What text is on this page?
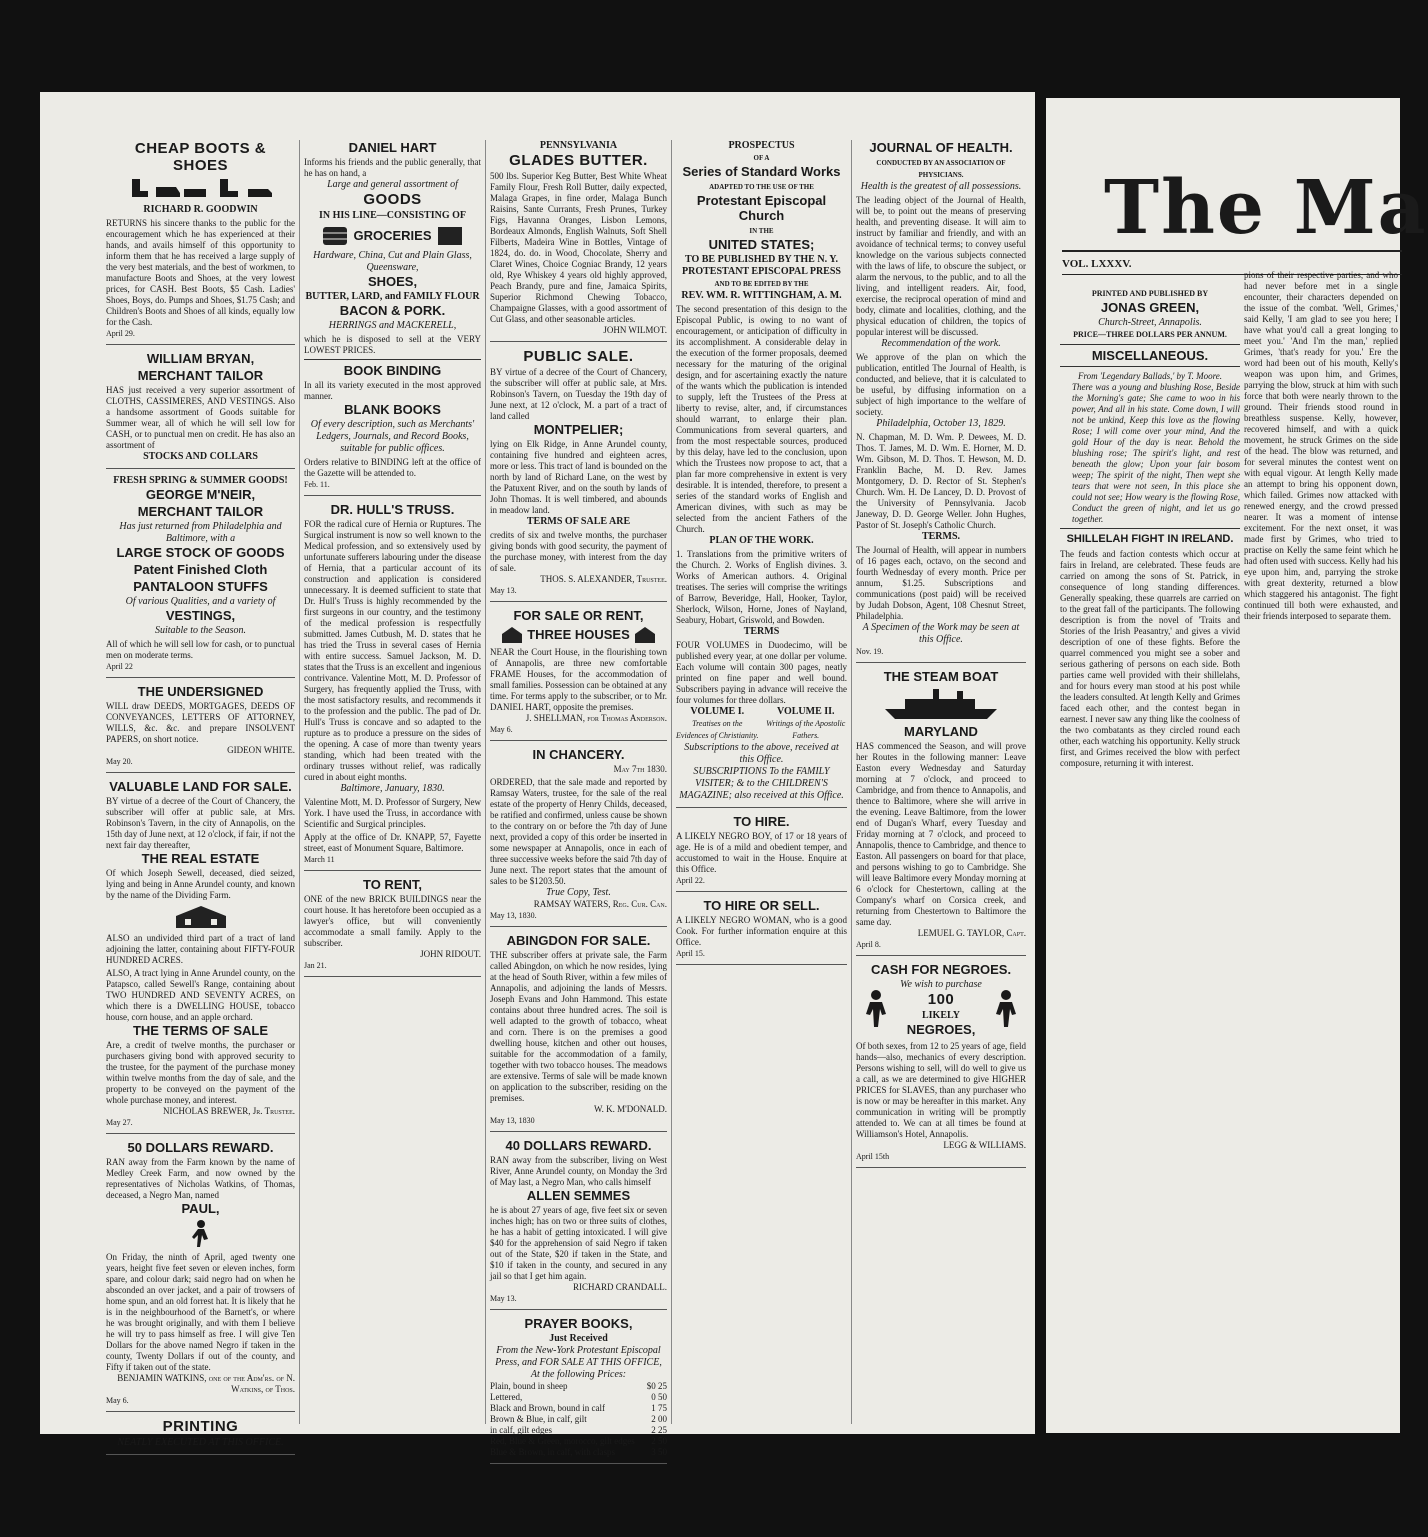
CHEAP BOOTS & SHOES
RICHARD R. GOODWIN
RETURNS his sincere thanks to the public for the encouragement which he has experienced at their hands, and avails himself of this opportunity to inform them that he has received a large supply of the very best materials, and the best of workmen, to manufacture Boots and Shoes, at the very lowest prices, for CASH. Best Boots, $5 Cash. Ladies' Shoes, Boys, do. Pumps and Shoes, $1.75 Cash; and Children's Boots and Shoes of all kinds, equally low for the Cash.
April 29.
WILLIAM BRYAN,
MERCHANT TAILOR
HAS just received a very superior assortment of CLOTHS, CASSIMERES, AND VESTINGS. Also a handsome assortment of Goods suitable for Summer wear, all of which he will sell low for CASH, or to punctual men on credit. He has also an assortment of
STOCKS AND COLLARS
FRESH SPRING & SUMMER GOODS!
GEORGE M'NEIR,
MERCHANT TAILOR
Has just returned from Philadelphia and Baltimore, with a
LARGE STOCK OF GOODS
Patent Finished Cloth
PANTALOON STUFFS
Of various Qualities, and a variety of
VESTINGS,
Suitable to the Season.
All of which he will sell low for cash, or to punctual men on moderate terms.
April 22
THE UNDERSIGNED
WILL draw DEEDS, MORTGAGES, DEEDS OF CONVEYANCES, LETTERS OF ATTORNEY, WILLS, &c. &c. and prepare INSOLVENT PAPERS, on short notice.
GIDEON WHITE.
May 20.
VALUABLE LAND FOR SALE.
BY virtue of a decree of the Court of Chancery, the subscriber will offer at public sale, at Mrs. Robinson's Tavern, in the city of Annapolis, on the 15th day of June next, at 12 o'clock, if fair, if not the next fair day thereafter,
THE REAL ESTATE
Of which Joseph Sewell, deceased, died seized, lying and being in Anne Arundel county, and known by the name of the Dividing Farm.
ALSO an undivided third part of a tract of land adjoining the latter, containing about FIFTY-FOUR HUNDRED ACRES.
ALSO, A tract lying in Anne Arundel county, on the Patapsco, called Sewell's Range, containing about TWO HUNDRED AND SEVENTY ACRES, on which there is a DWELLING HOUSE, tobacco house, corn house, and an apple orchard.
THE TERMS OF SALE
Are, a credit of twelve months, the purchaser or purchasers giving bond with approved security to the trustee, for the payment of the purchase money within twelve months from the day of sale, and the property to be conveyed on the payment of the whole purchase money, and interest.
NICHOLAS BREWER, Jr. Trustee.
May 27.
50 DOLLARS REWARD.
RAN away from the Farm known by the name of Medley Creek Farm, and now owned by the representatives of Nicholas Watkins, of Thomas, deceased, a Negro Man, named
PAUL,
On Friday, the ninth of April, aged twenty one years, height five feet seven or eleven inches, form spare, and colour dark; said negro had on when he absconded an over jacket, and a pair of trowsers of home spun, and an old forrest hat. It is likely that he is in the neighbourhood of the Barnett's, or where he was brought originally, and with them I believe he will try to pass himself as free. I will give Ten Dollars for the above named Negro if taken in the county, Twenty Dollars if out of the county, and Fifty if taken out of the state.
BENJAMIN WATKINS, one of the Adm'rs. of N. Watkins, of Thos.
May 6.
PRINTING
NEATLY EXECUTED AT THIS OFFICE.
DANIEL HART
Informs his friends and the public generally, that he has on hand, a
Large and general assortment of
GOODS
IN HIS LINE—CONSISTING OF
GROCERIES
Hardware, China, Cut and Plain Glass, Queensware,
SHOES,
BUTTER, LARD, and FAMILY FLOUR
BACON & PORK.
HERRINGS and MACKERELL,
which he is disposed to sell at the VERY LOWEST PRICES.
BOOK BINDING
In all its variety executed in the most approved manner.
BLANK BOOKS
Of every description, such as Merchants' Ledgers, Journals, and Record Books, suitable for public offices.
Orders relative to BINDING left at the office of the Gazette will be attended to.
Feb. 11.
DR. HULL'S TRUSS.
FOR the radical cure of Hernia or Ruptures. The Surgical instrument is now so well known to the Medical profession, and so extensively used by unfortunate sufferers labouring under the disease of Hernia, that a particular account of its construction and application is considered unnecessary. It is deemed sufficient to state that Dr. Hull's Truss is highly recommended by the first surgeons in our country, and the testimony of the medical profession is respectfully submitted. James Cutbush, M. D. states that he has tried the Truss in several cases of Hernia with entire success. Samuel Jackson, M. D. states that the Truss is an excellent and ingenious contrivance. Valentine Mott, M. D. Professor of Surgery, has frequently applied the Truss, with the most satisfactory results, and recommends it to the profession and the public. The pad of Dr. Hull's Truss is concave and so adapted to the rupture as to produce a pressure on the sides of the opening. A case of more than twenty years standing, which had been treated with the ordinary trusses without relief, was radically cured in about eight months.
Baltimore, January, 1830.
Valentine Mott, M. D. Professor of Surgery, New York. I have used the Truss, in accordance with Scientific and Surgical principles.
Apply at the office of Dr. KNAPP, 57, Fayette street, east of Monument Square, Baltimore.
March 11
TO RENT,
ONE of the new BRICK BUILDINGS near the court house. It has heretofore been occupied as a lawyer's office, but will conveniently accommodate a small family. Apply to the subscriber.
JOHN RIDOUT.
Jan 21.
PENNSYLVANIA
GLADES BUTTER.
500 lbs. Superior Keg Butter, Best White Wheat Family Flour, Fresh Roll Butter, daily expected, Malaga Grapes, in fine order, Malaga Bunch Raisins, Sante Currants, Fresh Prunes, Turkey Figs, Havanna Oranges, Lisbon Lemons, Bordeaux Almonds, English Walnuts, Soft Shell Filberts, Madeira Wine in Bottles, Vintage of 1824, do. do. in Wood, Chocolate, Sherry and Claret Wines, Choice Cogniac Brandy, 12 years old, Rye Whiskey 4 years old highly approved, Peach Brandy, pure and fine, Jamaica Spirits, Superior Richmond Chewing Tobacco, Champaigne Glasses, with a good assortment of Cut Glass, and other seasonable articles.
JOHN WILMOT.
PUBLIC SALE.
BY virtue of a decree of the Court of Chancery, the subscriber will offer at public sale, at Mrs. Robinson's Tavern, on Tuesday the 19th day of June next, at 12 o'clock, M. a part of a tract of land called
MONTPELIER;
lying on Elk Ridge, in Anne Arundel county, containing five hundred and eighteen acres, more or less. This tract of land is bounded on the north by land of Richard Lane, on the west by the Patuxent River, and on the south by lands of John Thomas. It is well timbered, and abounds in meadow land.
TERMS OF SALE ARE
credits of six and twelve months, the purchaser giving bonds with good security, the payment of the purchase money, with interest from the day of sale.
THOS. S. ALEXANDER, Trustee.
May 13.
FOR SALE OR RENT,
THREE HOUSES
NEAR the Court House, in the flourishing town of Annapolis, are three new comfortable FRAME Houses, for the accommodation of small families. Possession can be obtained at any time. For terms apply to the subscriber, or to Mr. DANIEL HART, opposite the premises.
J. SHELLMAN, for Thomas Anderson.
May 6.
IN CHANCERY.
May 7th 1830.
ORDERED, that the sale made and reported by Ramsay Waters, trustee, for the sale of the real estate of the property of Henry Childs, deceased, be ratified and confirmed, unless cause be shown to the contrary on or before the 7th day of June next, provided a copy of this order be inserted in some newspaper at Annapolis, once in each of three successive weeks before the said 7th day of June next. The report states that the amount of sales to be $1203.50.
True Copy, Test.
RAMSAY WATERS, Reg. Cur. Can.
May 13, 1830.
ABINGDON FOR SALE.
THE subscriber offers at private sale, the Farm called Abingdon, on which he now resides, lying at the head of South River, within a few miles of Annapolis, and adjoining the lands of Messrs. Joseph Evans and John Hammond. This estate contains about three hundred acres. The soil is well adapted to the growth of tobacco, wheat and corn. There is on the premises a good dwelling house, kitchen and other out houses, suitable for the accommodation of a family, together with two tobacco houses. The meadows are extensive. Terms of sale will be made known on application to the subscriber, residing on the premises.
W. K. M'DONALD.
May 13, 1830
40 DOLLARS REWARD.
RAN away from the subscriber, living on West River, Anne Arundel county, on Monday the 3rd of May last, a Negro Man, who calls himself
ALLEN SEMMES
he is about 27 years of age, five feet six or seven inches high; has on two or three suits of clothes, he has a habit of getting intoxicated. I will give $40 for the apprehension of said Negro if taken out of the State, $20 if taken in the State, and $10 if taken in the county, and secured in any jail so that I get him again.
RICHARD CRANDALL.
May 13.
PRAYER BOOKS,
Just Received
From the New-York Protestant Episcopal Press, and FOR SALE AT THIS OFFICE, At the following Prices:
Plain, bound in sheep	$0 25
Lettered,	0 50
Black and Brown, bound in calf	1 75
Brown & Blue, in calf, gilt	2 00
in calf, gilt edges	2 25
Red, Blue & Green, morocco, gilt edges 2 50
Blue & Brown, in calf, with clasps	3 50
PROSPECTUS
OF A
Series of Standard Works
ADAPTED TO THE USE OF THE
Protestant Episcopal Church
IN THE
UNITED STATES;
TO BE PUBLISHED BY THE N. Y. PROTESTANT EPISCOPAL PRESS
AND TO BE EDITED BY THE
REV. WM. R. WITTINGHAM, A. M.
The second presentation of this design to the Episcopal Public, is owing to no want of encouragement, or anticipation of difficulty in its accomplishment. A considerable delay in the execution of the former proposals, deemed necessary for the maturing of the original design, and for ascertaining exactly the nature of the wants which the publication is intended to supply, left the Trustees of the Press at liberty to revise, alter, and, if circumstances should warrant, to enlarge their plan. Communications from several quarters, and from the most respectable sources, produced by this delay, have led to the conclusion, upon which the Trustees now propose to act, that a plan far more comprehensive in extent is very desirable. It is intended, therefore, to present a series of the standard works of English and American divines, with such as may be selected from the ancient Fathers of the Church.
PLAN OF THE WORK.
1. Translations from the primitive writers of the Church. 2. Works of English divines. 3. Works of American authors. 4. Original treatises. The series will comprise the writings of Barrow, Beveridge, Hall, Hooker, Taylor, Sherlock, Wilson, Horne, Jones of Nayland, Seabury, Hobart, Griswold, and Bowden.
TERMS
FOUR VOLUMES in Duodecimo, will be published every year, at one dollar per volume. Each volume will contain 300 pages, neatly printed on fine paper and well bound. Subscribers paying in advance will receive the four volumes for three dollars.
VOLUME I.
Treatises on the Evidences of Christianity.
VOLUME II.
Writings of the Apostolic Fathers.
Subscriptions to the above, received at this Office.
SUBSCRIPTIONS To the FAMILY VISITER; & to the CHILDREN'S MAGAZINE; also received at this Office.
TO HIRE.
A LIKELY NEGRO BOY, of 17 or 18 years of age. He is of a mild and obedient temper, and accustomed to wait in the House. Enquire at this Office.
April 22.
TO HIRE OR SELL.
A LIKELY NEGRO WOMAN, who is a good Cook. For further information enquire at this Office.
April 15.
JOURNAL OF HEALTH.
CONDUCTED BY AN ASSOCIATION OF PHYSICIANS.
Health is the greatest of all possessions.
The leading object of the Journal of Health, will be, to point out the means of preserving health, and preventing disease. It will aim to instruct by familiar and friendly, and with an avoidance of technical terms; to convey useful knowledge on the various subjects connected with the laws of life, to obscure the subject, or alarm the nervous, to the public, and to all the living, and intelligent readers. Air, food, exercise, the reciprocal operation of mind and body, climate and localities, clothing, and the physical education of children, the topics of popular interest will be discussed.
Recommendation of the work.
We approve of the plan on which the publication, entitled The Journal of Health, is conducted, and believe, that it is calculated to be useful, by diffusing information on a subject of high importance to the welfare of society.
Philadelphia, October 13, 1829.
N. Chapman, M. D. Wm. P. Dewees, M. D. Thos. T. James, M. D. Wm. E. Horner, M. D. Wm. Gibson, M. D. Thos. T. Hewson, M. D. Franklin Bache, M. D. Rev. James Montgomery, D. D. Rector of St. Stephen's Church. Wm. H. De Lancey, D. D. Provost of the University of Pennsylvania. Jacob Janeway, D. D. George Weller. John Hughes, Pastor of St. Joseph's Catholic Church.
TERMS.
The Journal of Health, will appear in numbers of 16 pages each, octavo, on the second and fourth Wednesday of every month. Price per annum, $1.25. Subscriptions and communications (post paid) will be received by Judah Dobson, Agent, 108 Chesnut Street, Philadelphia.
A Specimen of the Work may be seen at this Office.
Nov. 19.
THE STEAM BOAT
MARYLAND
HAS commenced the Season, and will prove her Routes in the following manner: Leave Easton every Wednesday and Saturday morning at 7 o'clock, and proceed to Cambridge, and from thence to Annapolis, and thence to Baltimore, where she will arrive in the evening. Leave Baltimore, from the lower end of Dugan's Wharf, every Tuesday and Friday morning at 7 o'clock, and proceed to Annapolis, thence to Cambridge, and thence to Easton. All passengers on board for that place, and persons wishing to go to Cambridge. She will leave Baltimore every Monday morning at 6 o'clock for Chestertown, calling at the Company's wharf on Corsica creek, and returning from Chestertown to Baltimore the same day.
LEMUEL G. TAYLOR, Capt.
April 8.
CASH FOR NEGROES.
We wish to purchase
100
LIKELY
NEGROES,
Of both sexes, from 12 to 25 years of age, field hands—also, mechanics of every description. Persons wishing to sell, will do well to give us a call, as we are determined to give HIGHER PRICES for SLAVES, than any purchaser who is now or may be hereafter in this market. Any communication in writing will be promptly attended to. We can at all times be found at Williamson's Hotel, Annapolis.
LEGG & WILLIAMS.
April 15th
The Ma
VOL. LXXXV.
PRINTED AND PUBLISHED BY
JONAS GREEN,
Church-Street, Annapolis.
PRICE—THREE DOLLARS PER ANNUM.
MISCELLANEOUS.
From 'Legendary Ballads,' by T. Moore.
There was a young and blushing Rose, Beside the Morning's gate; She came to woo in his power, And all in his state. Come down, I will not be unkind, Keep this love as the flowing Rose; I will come over your mind, And the gold Hour of the day is near. Behold the blushing rose; The spirit's light, and rest beneath the glow; Upon your fair bosom weep; The spirit of the night, Then wept she tears that were not seen, In this place she could not see; How weary is the flowing Rose, Conduct the green of night, and let us go together.
SHILLELAH FIGHT IN IRELAND.
The feuds and faction contests which occur at fairs in Ireland, are celebrated. These feuds are carried on among the sons of St. Patrick, in consequence of long standing differences. Generally speaking, these quarrels are carried on to the great fall of the participants. The following description is from the novel of 'Traits and Stories of the Irish Peasantry,' and gives a vivid description of one of these fights. Before the quarrel commenced you might see a sober and serious gathering of persons on each side. Both parties came well provided with their shillelahs, and for hours every man stood at his post while the leaders consulted. At length Kelly and Grimes faced each other, and the contest began in earnest. I never saw any thing like the coolness of the two combatants as they circled round each other, each watching his opportunity. Kelly struck first, and Grimes received the blow with perfect composure, returning it with interest.
pions of their respective parties, and who had never before met in a single encounter, their characters depended on the issue of the combat. 'Well, Grimes,' said Kelly, 'I am glad to see you here; I have what you'd call a great longing to meet you.' 'And I'm the man,' replied Grimes, 'that's ready for you.' Ere the word had been out of his mouth, Kelly's weapon was upon him, and Grimes, parrying the blow, struck at him with such force that both were nearly thrown to the ground. Their friends stood round in breathless suspense. Kelly, however, recovered himself, and with a quick movement, he struck Grimes on the side of the head. The blow was returned, and for several minutes the contest went on with equal vigour. At length Kelly made an attempt to bring his opponent down, which failed. Grimes now attacked with renewed energy, and the crowd pressed nearer. It was a moment of intense excitement. For the next onset, it was made first by Grimes, who tried to practise on Kelly the same feint which he had often used with success. Kelly had his eye upon him, and, parrying the stroke with great dexterity, returned a blow which staggered his antagonist. The fight continued till both were exhausted, and their friends interposed to separate them.
